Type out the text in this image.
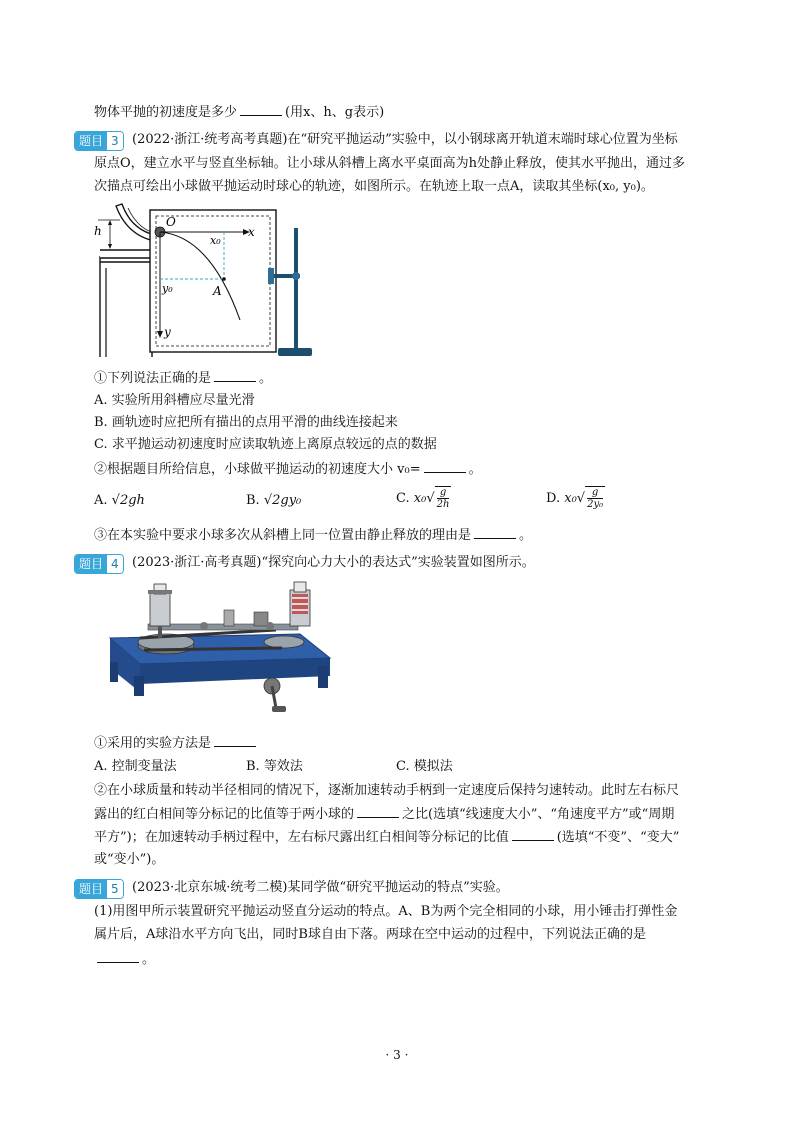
物体平抛的初速度是多少	(用x、h、g表示)
题目 3	(2022·浙江·统考高考真题)在“研究平抛运动”实验中，以小钢球离开轨道末端时球心位置为坐标
原点O，建立水平与竖直坐标轴。让小球从斜槽上离水平桌面高为h处静止释放，使其水平抛出，通过多
次描点可绘出小球做平抛运动时球心的轨迹，如图所示。在轨迹上取一点A，读取其坐标(x₀, y₀)。
h
O
x₀
x
y₀	A
y
①下列说法正确的是	。
A. 实验所用斜槽应尽量光滑
B. 画轨迹时应把所有描出的点用平滑的曲线连接起来
C. 求平抛运动初速度时应读取轨迹上离原点较远的点的数据
②根据题目所给信息，小球做平抛运动的初速度大小 v₀=	。
A. √2gh	B. √2gy₀	C. $x_0√ \frac{g}{2h}$	D. $x_0√ \frac{g}{\text{2y₀}}$
③在本实验中要求小球多次从斜槽上同一位置由静止释放的理由是	。
题目 4	(2023·浙江·高考真题)“探究向心力大小的表达式”实验装置如图所示。
①采用的实验方法是
A. 控制变量法	B. 等效法	C. 模拟法
②在小球质量和转动半径相同的情况下，逐渐加速转动手柄到一定速度后保持匀速转动。此时左右标尺
露出的红白相间等分标记的比值等于两小球的	之比(选填“线速度大小”、“角速度平方”或“周期
平方”)；在加速转动手柄过程中，左右标尺露出红白相间等分标记的比值	(选填“不变”、“变大”
或“变小”)。
题目 5	(2023·北京东城·统考二模)某同学做“研究平抛运动的特点”实验。
(1)用图甲所示装置研究平抛运动竖直分运动的特点。A、B为两个完全相同的小球，用小锤击打弹性金
属片后，A球沿水平方向飞出，同时B球自由下落。两球在空中运动的过程中，下列说法正确的是
。
· 3 ·
